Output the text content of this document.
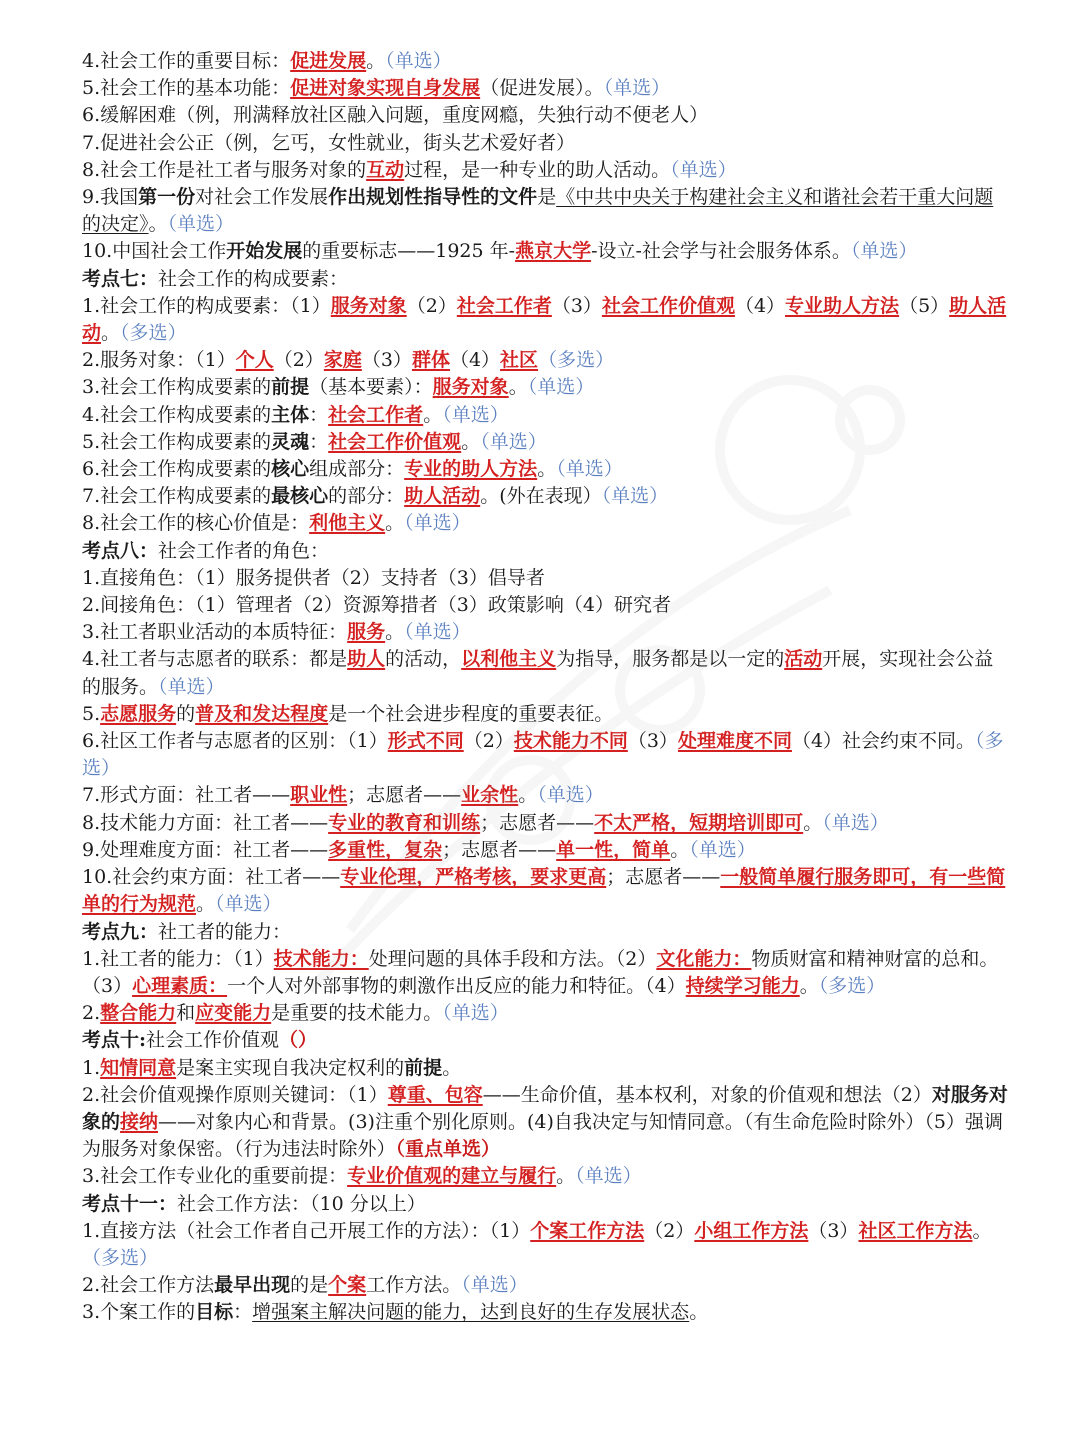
4.社会工作的重要目标：促进发展。（单选）

5.社会工作的基本功能：促进对象实现自身发展（促进发展）。（单选）

6.缓解困难（例，刑满释放社区融入问题，重度网瘾，失独行动不便老人）

7.促进社会公正（例，乞丐，女性就业，街头艺术爱好者）

8.社会工作是社工者与服务对象的互动过程，是一种专业的助人活动。（单选）

9.我国第一份对社会工作发展作出规划性指导性的文件是《中共中央关于构建社会主义和谐社会若干重大问题的决定》。（单选）

10.中国社会工作开始发展的重要标志——1925 年-燕京大学-设立-社会学与社会服务体系。（单选）

考点七：社会工作的构成要素：

1.社会工作的构成要素：（1）服务对象（2）社会工作者（3）社会工作价值观（4）专业助人方法（5）助人活动。（多选）

2.服务对象：（1）个人（2）家庭（3）群体（4）社区（多选）

3.社会工作构成要素的前提（基本要素）：服务对象。（单选）

4.社会工作构成要素的主体：社会工作者。（单选）

5.社会工作构成要素的灵魂：社会工作价值观。（单选）

6.社会工作构成要素的核心组成部分：专业的助人方法。（单选）

7.社会工作构成要素的最核心的部分：助人活动。(外在表现）（单选）

8.社会工作的核心价值是：利他主义。（单选）

考点八：社会工作者的角色：

1.直接角色：（1）服务提供者（2）支持者（3）倡导者

2.间接角色：（1）管理者（2）资源筹措者（3）政策影响（4）研究者

3.社工者职业活动的本质特征：服务。（单选）

4.社工者与志愿者的联系：都是助人的活动，以利他主义为指导，服务都是以一定的活动开展，实现社会公益的服务。（单选）

5.志愿服务的普及和发达程度是一个社会进步程度的重要表征。

6.社区工作者与志愿者的区别：（1）形式不同（2）技术能力不同（3）处理难度不同（4）社会约束不同。（多选）

7.形式方面：社工者——职业性；志愿者——业余性。（单选）

8.技术能力方面：社工者——专业的教育和训练；志愿者——不太严格，短期培训即可。（单选）

9.处理难度方面：社工者——多重性，复杂；志愿者——单一性，简单。（单选）

10.社会约束方面：社工者——专业伦理，严格考核，要求更高；志愿者——一般简单履行服务即可，有一些简单的行为规范。（单选）

考点九：社工者的能力：

1.社工者的能力：（1）技术能力：处理问题的具体手段和方法。（2）文化能力：物质财富和精神财富的总和。（3）心理素质：一个人对外部事物的刺激作出反应的能力和特征。（4）持续学习能力。（多选）

2.整合能力和应变能力是重要的技术能力。（单选）

考点十:社会工作价值观（）

1.知情同意是案主实现自我决定权利的前提。

2.社会价值观操作原则关键词：（1）尊重、包容——生命价值，基本权利，对象的价值观和想法（2）对服务对象的接纳——对象内心和背景。(3)注重个别化原则。(4)自我决定与知情同意。（有生命危险时除外）（5）强调为服务对象保密。（行为违法时除外）（重点单选）

3.社会工作专业化的重要前提：专业价值观的建立与履行。（单选）

考点十一：社会工作方法：（10 分以上）

1.直接方法（社会工作者自己开展工作的方法）：（1）个案工作方法（2）小组工作方法（3）社区工作方法。（多选）

2.社会工作方法最早出现的是个案工作方法。（单选）

3.个案工作的目标：增强案主解决问题的能力，达到良好的生存发展状态。
